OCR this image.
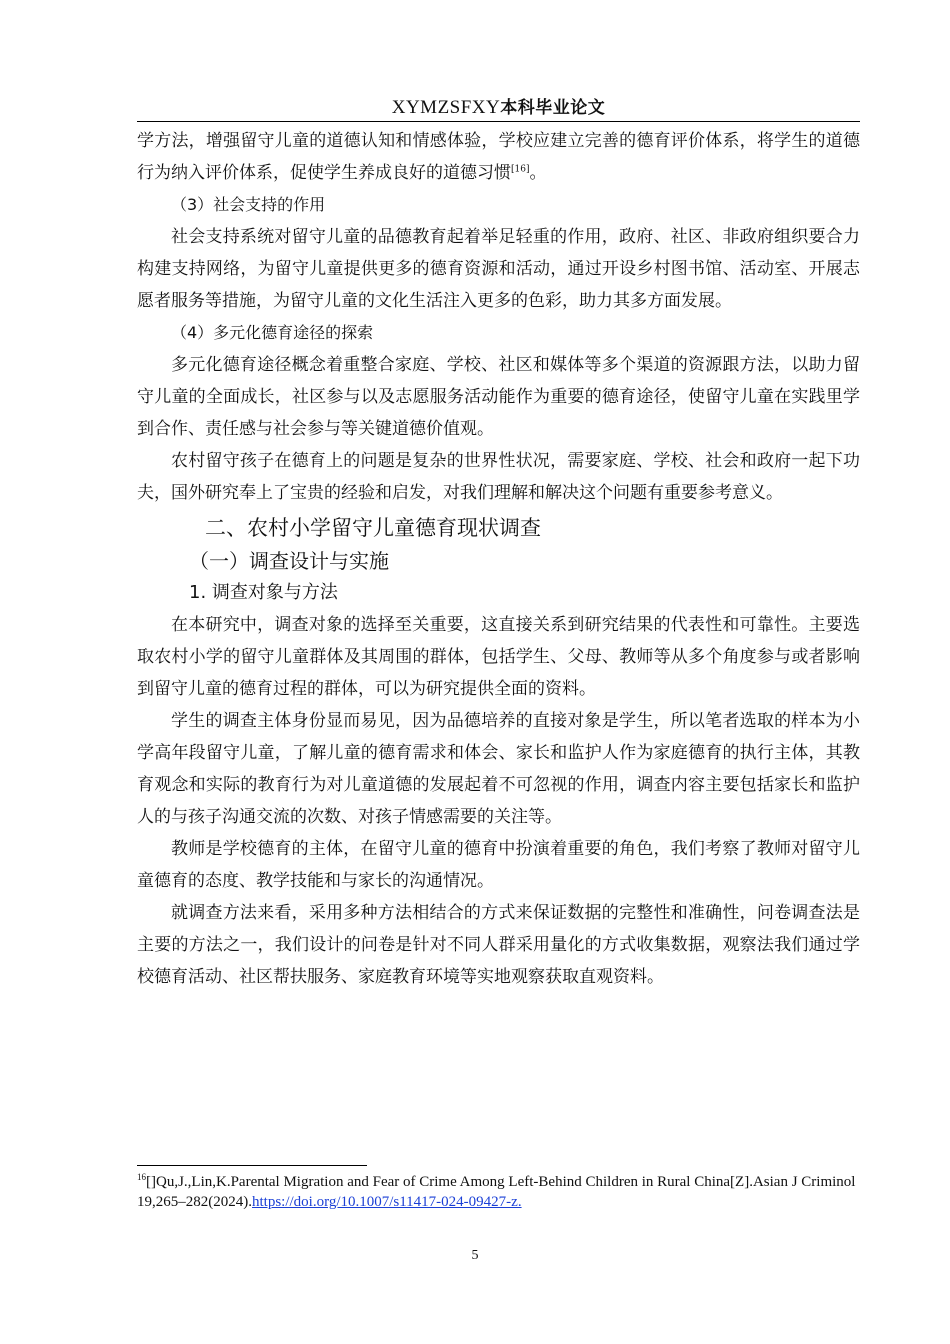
XYMZSFXY本科毕业论文

学方法，增强留守儿童的道德认知和情感体验，学校应建立完善的德育评价体系，将学生的道德行为纳入评价体系，促使学生养成良好的道德习惯[16]。

（3）社会支持的作用

社会支持系统对留守儿童的品德教育起着举足轻重的作用，政府、社区、非政府组织要合力构建支持网络，为留守儿童提供更多的德育资源和活动，通过开设乡村图书馆、活动室、开展志愿者服务等措施，为留守儿童的文化生活注入更多的色彩，助力其多方面发展。

（4）多元化德育途径的探索

多元化德育途径概念着重整合家庭、学校、社区和媒体等多个渠道的资源跟方法，以助力留守儿童的全面成长，社区参与以及志愿服务活动能作为重要的德育途径，使留守儿童在实践里学到合作、责任感与社会参与等关键道德价值观。

农村留守孩子在德育上的问题是复杂的世界性状况，需要家庭、学校、社会和政府一起下功夫，国外研究奉上了宝贵的经验和启发，对我们理解和解决这个问题有重要参考意义。

二、农村小学留守儿童德育现状调查
（一）调查设计与实施
1. 调查对象与方法

在本研究中，调查对象的选择至关重要，这直接关系到研究结果的代表性和可靠性。主要选取农村小学的留守儿童群体及其周围的群体，包括学生、父母、教师等从多个角度参与或者影响到留守儿童的德育过程的群体，可以为研究提供全面的资料。

学生的调查主体身份显而易见，因为品德培养的直接对象是学生，所以笔者选取的样本为小学高年段留守儿童，了解儿童的德育需求和体会、家长和监护人作为家庭德育的执行主体，其教育观念和实际的教育行为对儿童道德的发展起着不可忽视的作用，调查内容主要包括家长和监护人的与孩子沟通交流的次数、对孩子情感需要的关注等。

教师是学校德育的主体，在留守儿童的德育中扮演着重要的角色，我们考察了教师对留守儿童德育的态度、教学技能和与家长的沟通情况。

就调查方法来看，采用多种方法相结合的方式来保证数据的完整性和准确性，问卷调查法是主要的方法之一，我们设计的问卷是针对不同人群采用量化的方式收集数据，观察法我们通过学校德育活动、社区帮扶服务、家庭教育环境等实地观察获取直观资料。

$^{16}$[]Qu,J.,Lin,K.Parental Migration and Fear of Crime Among Left-Behind Children in Rural China[Z].Asian J Criminol 19,265–282(2024).https://doi.org/10.1007/s11417-024-09427-z.
5
